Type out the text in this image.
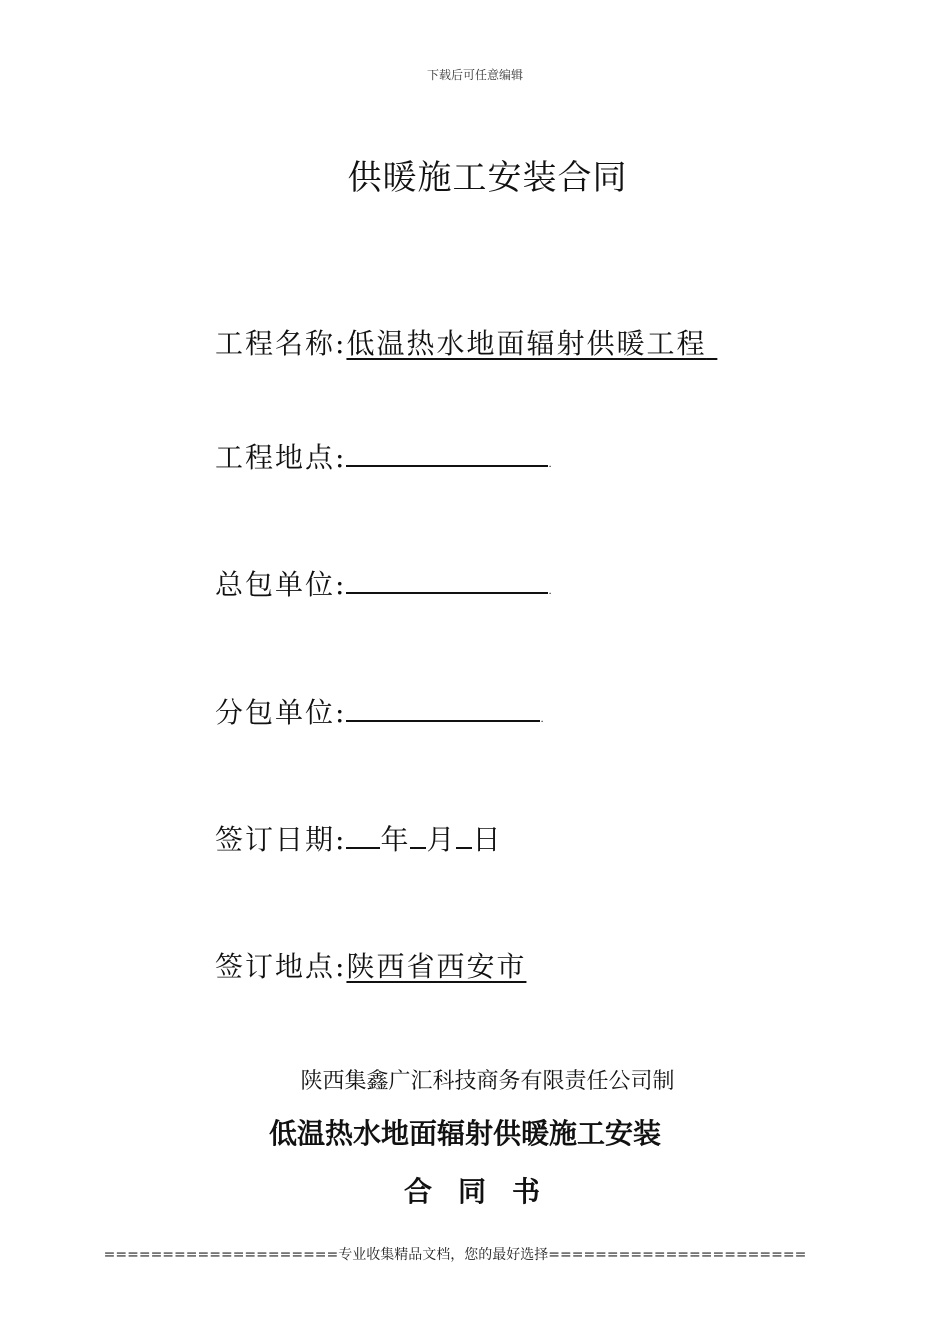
下载后可任意编辑
供暖施工安装合同
工程名称:低温热水地面辐射供暖工程
工程地点:	.
总包单位:	.
分包单位:	.
签订日期: 年 月 日
签订地点:陕西省西安市
陕西集鑫广汇科技商务有限责任公司制
低温热水地面辐射供暖施工安装
合同书
====================专业收集精品文档，您的最好选择======================
